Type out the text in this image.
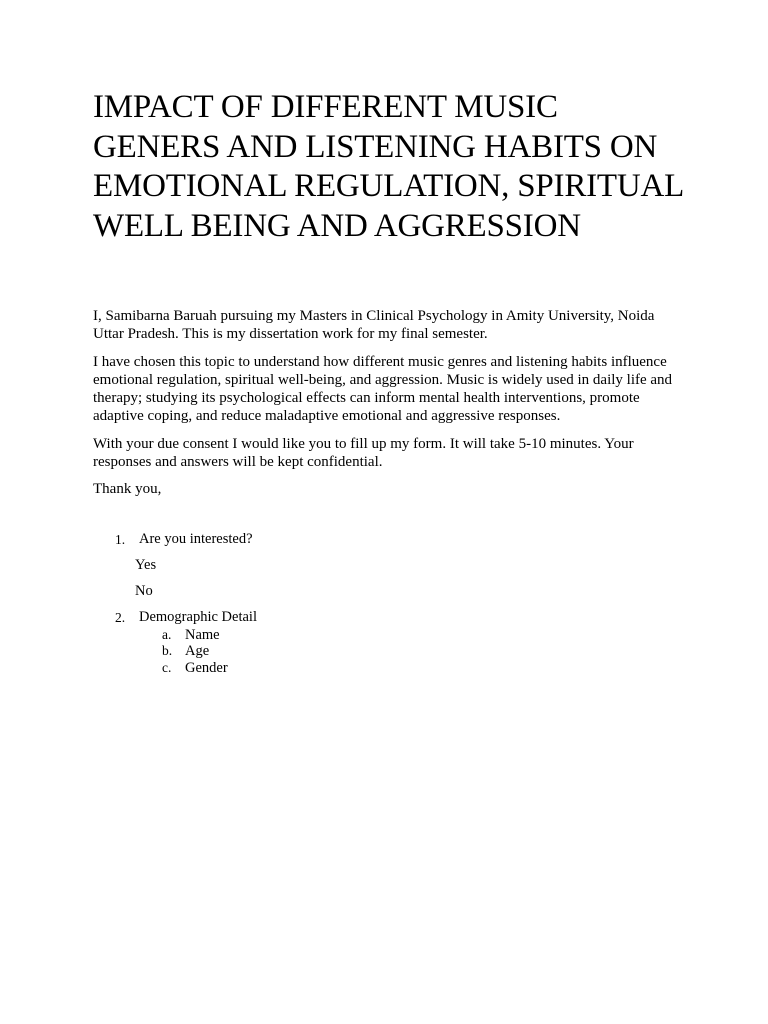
IMPACT OF DIFFERENT MUSIC GENERS AND LISTENING HABITS ON EMOTIONAL REGULATION, SPIRITUAL WELL BEING AND AGGRESSION

I, Samibarna Baruah pursuing my Masters in Clinical Psychology in Amity University, Noida Uttar Pradesh. This is my dissertation work for my final semester.

I have chosen this topic to understand how different music genres and listening habits influence emotional regulation, spiritual well-being, and aggression. Music is widely used in daily life and therapy; studying its psychological effects can inform mental health interventions, promote adaptive coping, and reduce maladaptive emotional and aggressive responses.

With your due consent I would like you to fill up my form. It will take 5-10 minutes. Your responses and answers will be kept confidential.

Thank you,

1. Are you interested?
Yes
No
2. Demographic Detail
a. Name
b. Age
c. Gender
